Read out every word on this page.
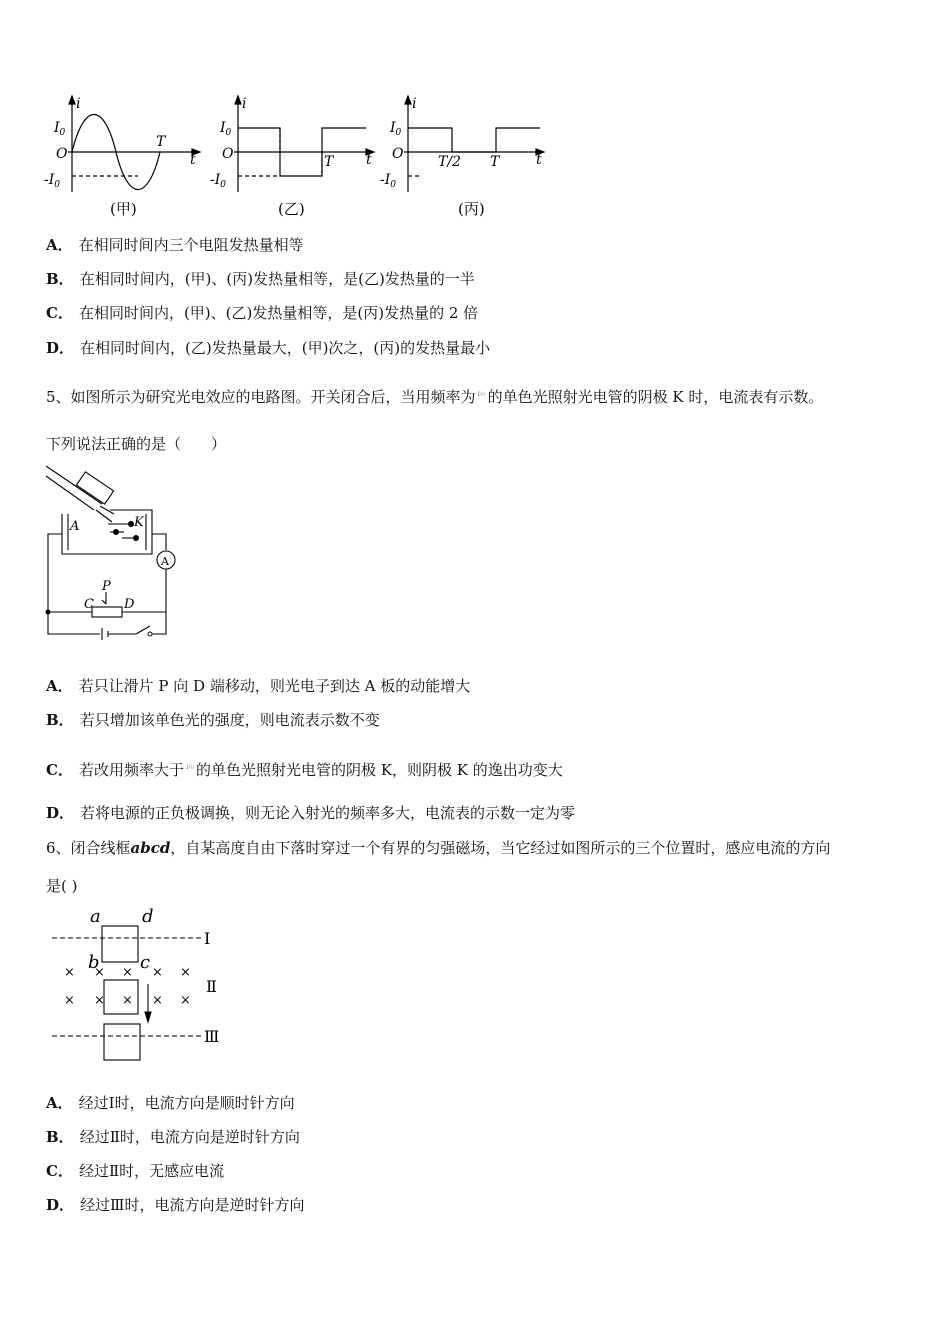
i
t
$I_0$
O
$-I_0$
T
i
t
$I_0$
O
$-I_0$
T
i
t
$I_0$
O
$-I_0$
T/2 T
(甲)	(乙)	(丙)
A． 在相同时间内三个电阻发热量相等
B． 在相同时间内，(甲)、(丙)发热量相等，是(乙)发热量的一半
C． 在相同时间内，(甲)、(乙)发热量相等，是(丙)发热量的 2 倍
D． 在相同时间内，(乙)发热量最大，(甲)次之，(丙)的发热量最小
5、如图所示为研究光电效应的电路图。开关闭合后，当用频率为 $^{\nu_0}$ 的单色光照射光电管的阴极 K 时，电流表有示数。
下列说法正确的是（　　）
A	K
A
P
C D
A． 若只让滑片 P 向 D 端移动，则光电子到达 A 板的动能增大
B． 若只增加该单色光的强度，则电流表示数不变
C． 若改用频率大于 $^{\nu_0}$ 的单色光照射光电管的阴极 K，则阴极 K 的逸出功变大
D． 若将电源的正负极调换，则无论入射光的频率多大，电流表的示数一定为零
6、闭合线框abcd，自某高度自由下落时穿过一个有界的匀强磁场，当它经过如图所示的三个位置时，感应电流的方向
是( )
× × × × ×
× × × × ×
a d
b c
Ⅰ
Ⅱ
Ⅲ
A． 经过Ⅰ时，电流方向是顺时针方向
B． 经过Ⅱ时，电流方向是逆时针方向
C． 经过Ⅱ时，无感应电流
D． 经过Ⅲ时，电流方向是逆时针方向
